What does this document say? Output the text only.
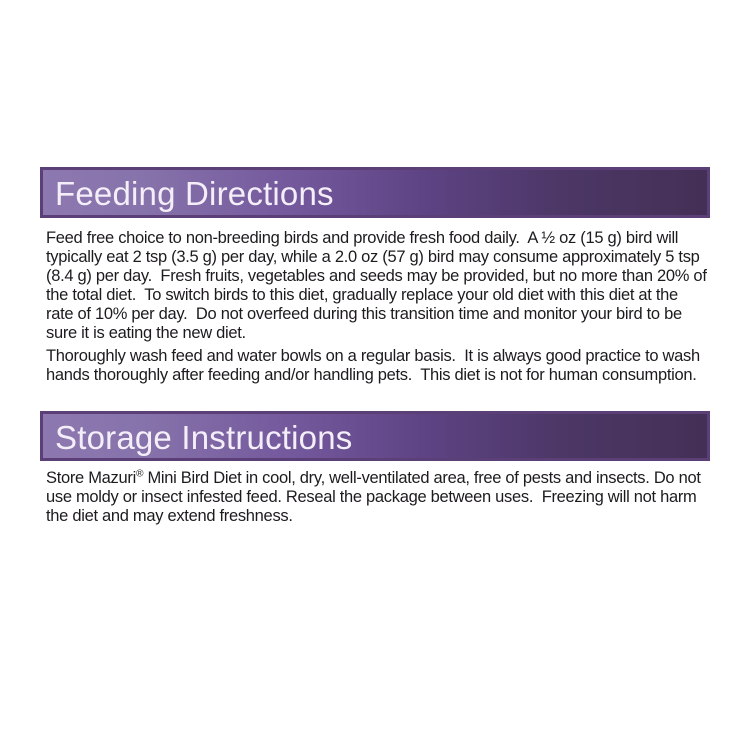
Feeding Directions

Feed free choice to non-breeding birds and provide fresh food daily.  A ½ oz (15 g) bird will typically eat 2 tsp (3.5 g) per day, while a 2.0 oz (57 g) bird may consume approximately 5 tsp (8.4 g) per day.  Fresh fruits, vegetables and seeds may be provided, but no more than 20% of the total diet.  To switch birds to this diet, gradually replace your old diet with this diet at the rate of 10% per day.  Do not overfeed during this transition time and monitor your bird to be sure it is eating the new diet.

Thoroughly wash feed and water bowls on a regular basis.  It is always good practice to wash hands thoroughly after feeding and/or handling pets.  This diet is not for human consumption.

Storage Instructions

Store Mazuri® Mini Bird Diet in cool, dry, well-ventilated area, free of pests and insects. Do not use moldy or insect infested feed. Reseal the package between uses.  Freezing will not harm the diet and may extend freshness.
